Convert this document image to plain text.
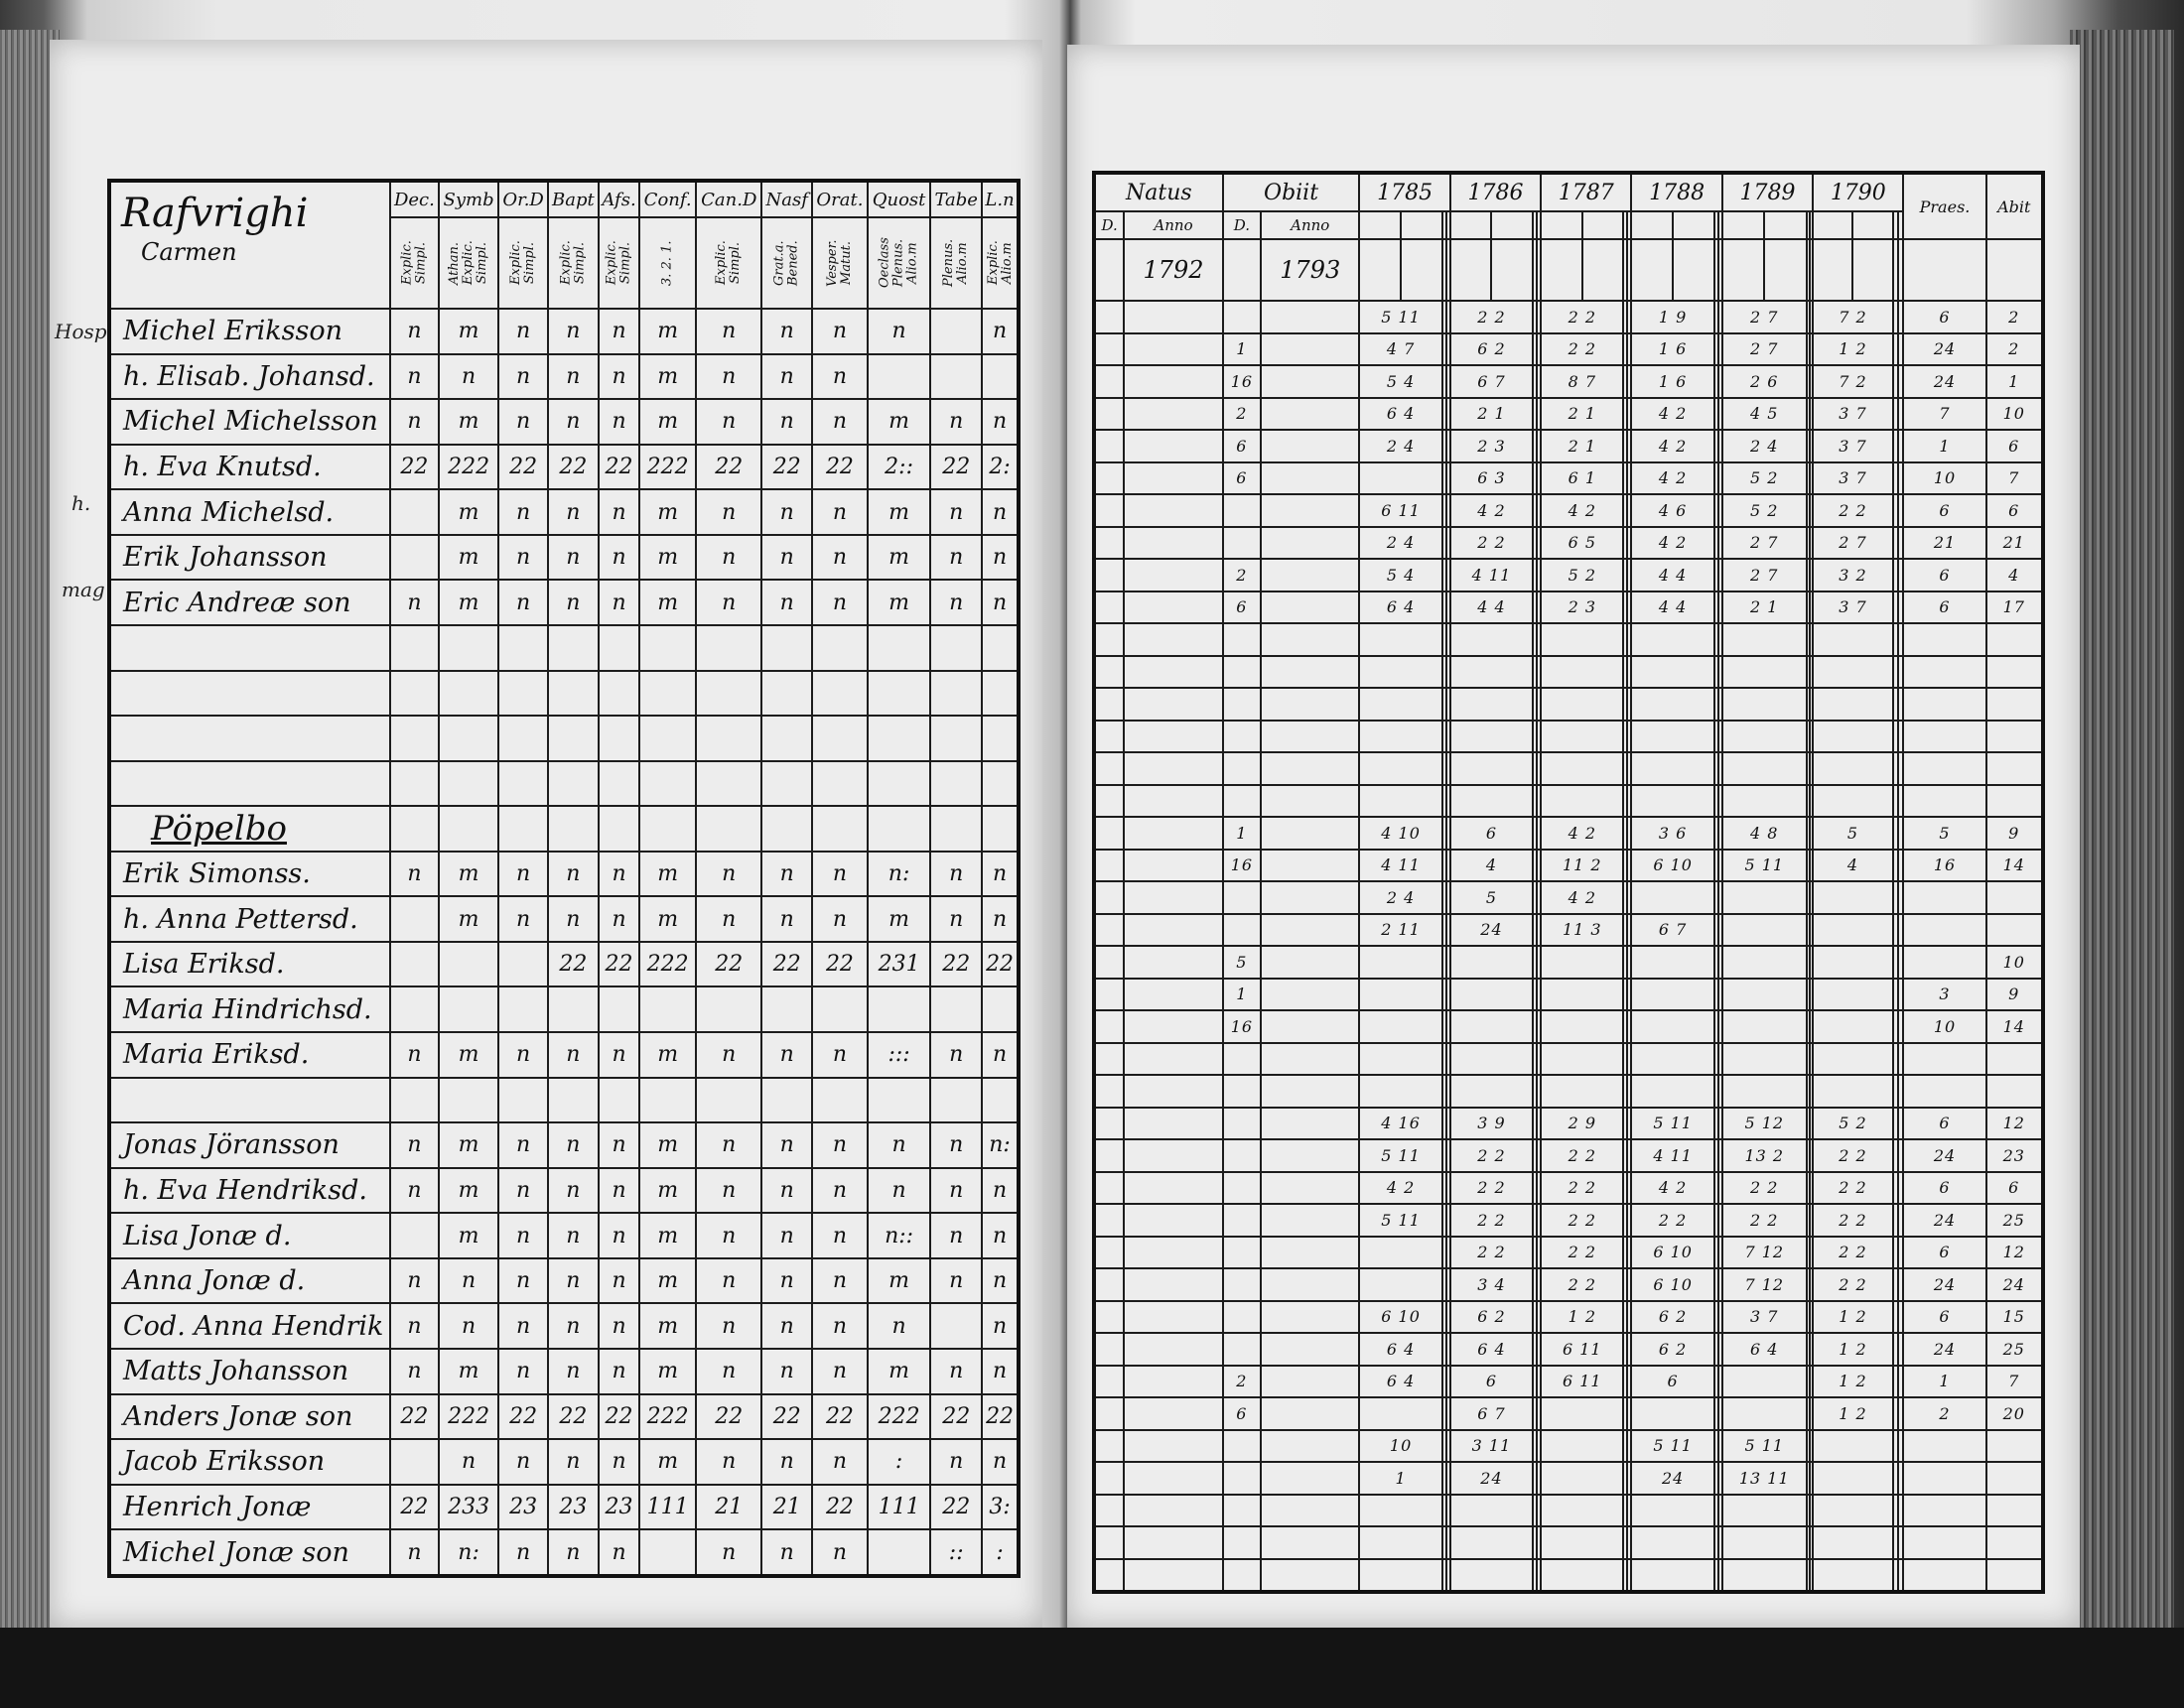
Rafvrighi
Carmen	Dec.	Symb	Or.D	Bapt	Afs.	Conf.	Can.D	Nasf	Orat.	Quost	Tabe	L.n
	Explic. Simpl.	Athan. Explic. Simpl.	Explic. Simpl.	Explic. Simpl.	Explic. Simpl.	3. 2. 1.	Explic. Simpl.	Grat.a. Bened.	Vesper. Matut.	Oeclass Plenus. Alio.m	Plenus. Alio.m	Explic. Alio.m
Michel Eriksson	n	m	n	n	n	m	n	n	n	n		n
h. Elisab. Johansd.	n	n	n	n	n	m	n	n	n			
Michel Michelsson	n	m	n	n	n	m	n	n	n	m	n	n
h. Eva Knutsd.	22	222	22	22	22	222	22	22	22	2::	22	2:
Anna Michelsd.		m	n	n	n	m	n	n	n	m	n	n
Erik Johansson		m	n	n	n	m	n	n	n	m	n	n
Eric Andreæ son	n	m	n	n	n	m	n	n	n	m	n	n

Pöpelbo												
Erik Simonss.	n	m	n	n	n	m	n	n	n	n:	n	n
h. Anna Pettersd.		m	n	n	n	m	n	n	n	m	n	n
Lisa Eriksd.				22	22	222	22	22	22	231	22	22
Maria Hindrichsd.												
Maria Eriksd.	n	m	n	n	n	m	n	n	n	:::	n	n

Jonas Jöransson	n	m	n	n	n	m	n	n	n	n	n	n:
h. Eva Hendriksd.	n	m	n	n	n	m	n	n	n	n	n	n
Lisa Jonæ d.		m	n	n	n	m	n	n	n	n::	n	n
Anna Jonæ d.	n	n	n	n	n	m	n	n	n	m	n	n
Cod. Anna Hendrik	n	n	n	n	n	m	n	n	n	n		n
Matts Johansson	n	m	n	n	n	m	n	n	n	m	n	n
Anders Jonæ son	22	222	22	22	22	222	22	22	22	222	22	22
Jacob Eriksson		n	n	n	n	m	n	n	n	:	n	n
Henrich Jonæ	22	233	23	23	23	111	21	21	22	111	22	3:
Michel Jonæ son	n	n:	n	n	n		n	n	n		::	:
Natus		Obiit		1785				1786				1787				1788				1789				1790				Praes.	Abit
D.	Anno	D.	Anno																										
	1792		1793																										
				5 11				2 2				2 2				1 9				2 7				7 2				6	2
		1		4 7				6 2				2 2				1 6				2 7				1 2				24	2
		16		5 4				6 7				8 7				1 6				2 6				7 2				24	1
		2		6 4				2 1				2 1				4 2				4 5				3 7				7	10
		6		2 4				2 3				2 1				4 2				2 4				3 7				1	6
		6						6 3				6 1				4 2				5 2				3 7				10	7
				6 11				4 2				4 2				4 6				5 2				2 2				6	6
				2 4				2 2				6 5				4 2				2 7				2 7				21	21
		2		5 4				4 11				5 2				4 4				2 7				3 2				6	4
		6		6 4				4 4				2 3				4 4				2 1				3 7				6	17

		1		4 10				6				4 2				3 6				4 8				5				5	9
		16		4 11				4				11 2				6 10				5 11				4				16	14
				2 4				5				4 2																	
				2 11				24				11 3				6 7													
		5																											10
		1																										3	9
		16																										10	14

				4 16				3 9				2 9				5 11				5 12				5 2				6	12
				5 11				2 2				2 2				4 11				13 2				2 2				24	23
				4 2				2 2				2 2				4 2				2 2				2 2				6	6
				5 11				2 2				2 2				2 2				2 2				2 2				24	25
								2 2				2 2				6 10				7 12				2 2				6	12
								3 4				2 2				6 10				7 12				2 2				24	24
				6 10				6 2				1 2				6 2				3 7				1 2				6	15
				6 4				6 4				6 11				6 2				6 4				1 2				24	25
		2		6 4				6				6 11				6								1 2				1	7
		6						6 7																1 2				2	20
				10				3 11								5 11				5 11									
				1				24								24				13 11									

Hosp
h.
mag
